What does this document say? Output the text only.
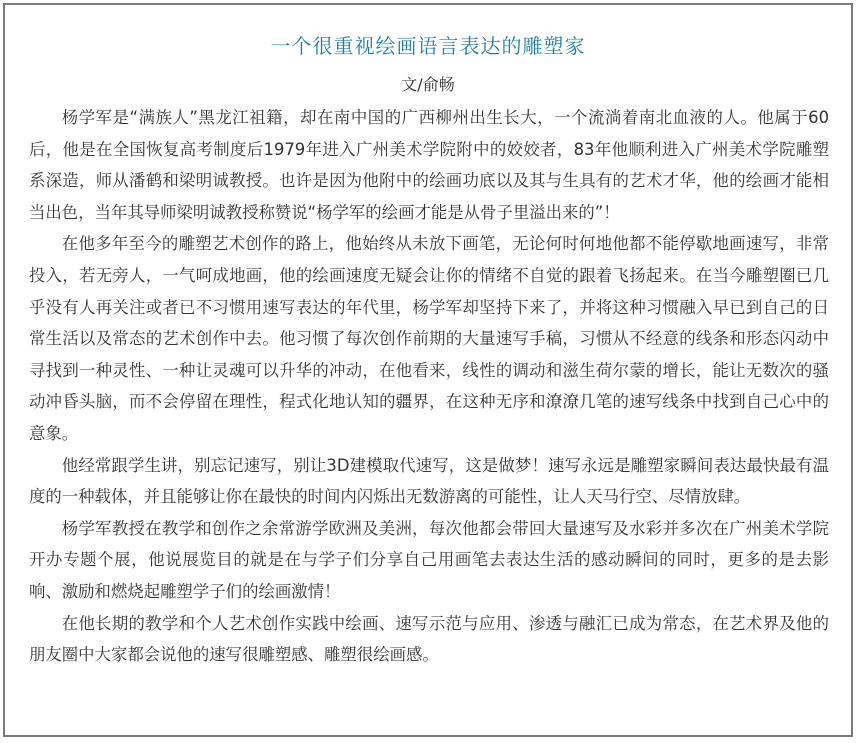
一个很重视绘画语言表达的雕塑家
文/俞畅

杨学军是“满族人”黑龙江祖籍，却在南中国的广西柳州出生长大，一个流淌着南北血液的人。他属于60后，他是在全国恢复高考制度后1979年进入广州美术学院附中的姣姣者，83年他顺利进入广州美术学院雕塑系深造，师从潘鹤和梁明诚教授。也许是因为他附中的绘画功底以及其与生具有的艺术才华，他的绘画才能相当出色，当年其导师梁明诚教授称赞说“杨学军的绘画才能是从骨子里溢出来的”！

在他多年至今的雕塑艺术创作的路上，他始终从未放下画笔，无论何时何地他都不能停歇地画速写，非常投入，若无旁人，一气呵成地画，他的绘画速度无疑会让你的情绪不自觉的跟着飞扬起来。在当今雕塑圈已几乎没有人再关注或者已不习惯用速写表达的年代里，杨学军却坚持下来了，并将这种习惯融入早已到自己的日常生活以及常态的艺术创作中去。他习惯了每次创作前期的大量速写手稿，习惯从不经意的线条和形态闪动中寻找到一种灵性、一种让灵魂可以升华的冲动，在他看来，线性的调动和滋生荷尔蒙的增长，能让无数次的骚动冲昏头脑，而不会停留在理性，程式化地认知的疆界，在这种无序和潦潦几笔的速写线条中找到自己心中的意象。

他经常跟学生讲，别忘记速写，别让3D建模取代速写，这是做梦！速写永远是雕塑家瞬间表达最快最有温度的一种载体，并且能够让你在最快的时间内闪烁出无数游离的可能性，让人天马行空、尽情放肆。

杨学军教授在教学和创作之余常游学欧洲及美洲，每次他都会带回大量速写及水彩并多次在广州美术学院开办专题个展，他说展览目的就是在与学子们分享自己用画笔去表达生活的感动瞬间的同时，更多的是去影响、激励和燃烧起雕塑学子们的绘画激情！

在他长期的教学和个人艺术创作实践中绘画、速写示范与应用、渗透与融汇已成为常态，在艺术界及他的朋友圈中大家都会说他的速写很雕塑感、雕塑很绘画感。
